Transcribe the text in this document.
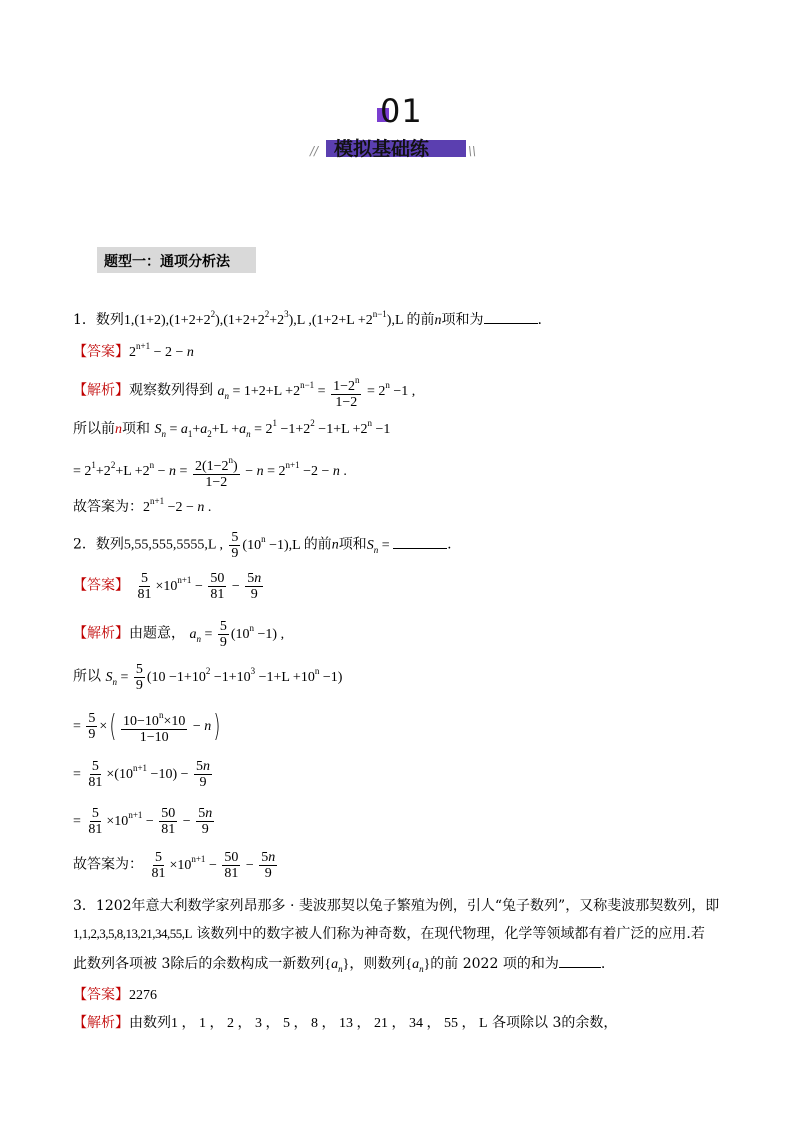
01
//	\\
模拟基础练
题型一：通项分析法
1．数列$1,(1+2),(1+2+2^2),(1+2+2^2+2^3),L$ $,(1+2+L +2^{n-1}),L$ 的前n项和为	.
【答案】$2^{n+1} - 2 - n$
【解析】观察数列得到 $a_n = 1+2+L +2^{n-1} = \frac{1-2^n}{1-2} = 2^n -1$ ,
所以前n项和 $S_n = a_1+a_2+L +a_n = 2^1 -1+2^2 -1+L +2^n -1$
= $2^1+2^2+L +2^n - n = \frac{2(1-2^n)}{1-2} - n = 2^{n+1} -2 - n$ .
故答案为：$2^{n+1} -2 - n$ .
2．数列5,55,555,5555,L , $\frac{5}{9} (10^n -1),L$ 的前n项和$S_n$ =	.
【答案】 $\frac{5}{81} \times 10^{n+1} - \frac{50}{81} - \frac{5n}{9}$
【解析】由题意， $a_n = \frac{5}{9} (10^n -1)$ ,
所以 $S_n = \frac{5}{9} (10 -1+10^2 -1+10^3 -1+L +10^n -1)$
= $\frac{5}{9}$ ×( $\frac{10-10^n\times 10}{1-10} - n$)
= $\frac{5}{81} \times(10^{n+1} -10) - \frac{5n}{9}$
= $\frac{5}{81} \times 10^{n+1} - \frac{50}{81} - \frac{5n}{9}$
故答案为： $\frac{5}{81} \times 10^{n+1} - \frac{50}{81} - \frac{5n}{9}$
3．1202年意大利数学家列昂那多 · 斐波那契以兔子繁殖为例，引人“兔子数列”，又称斐波那契数列，即
1,1,2,3,5,8,13,21,34,55,L 该数列中的数字被人们称为神奇数，在现代物理，化学等领域都有着广泛的应用.若
此数列各项被 3除后的余数构成一新数列$\{a_n\}$，则数列$\{a_n\}$的前 2022 项的和为	.
【答案】2276
【解析】由数列1 ， 1 ， 2 ， 3 ， 5 ， 8 ， 13 ， 21 ， 34 ， 55 ， L 各项除以 3的余数，
